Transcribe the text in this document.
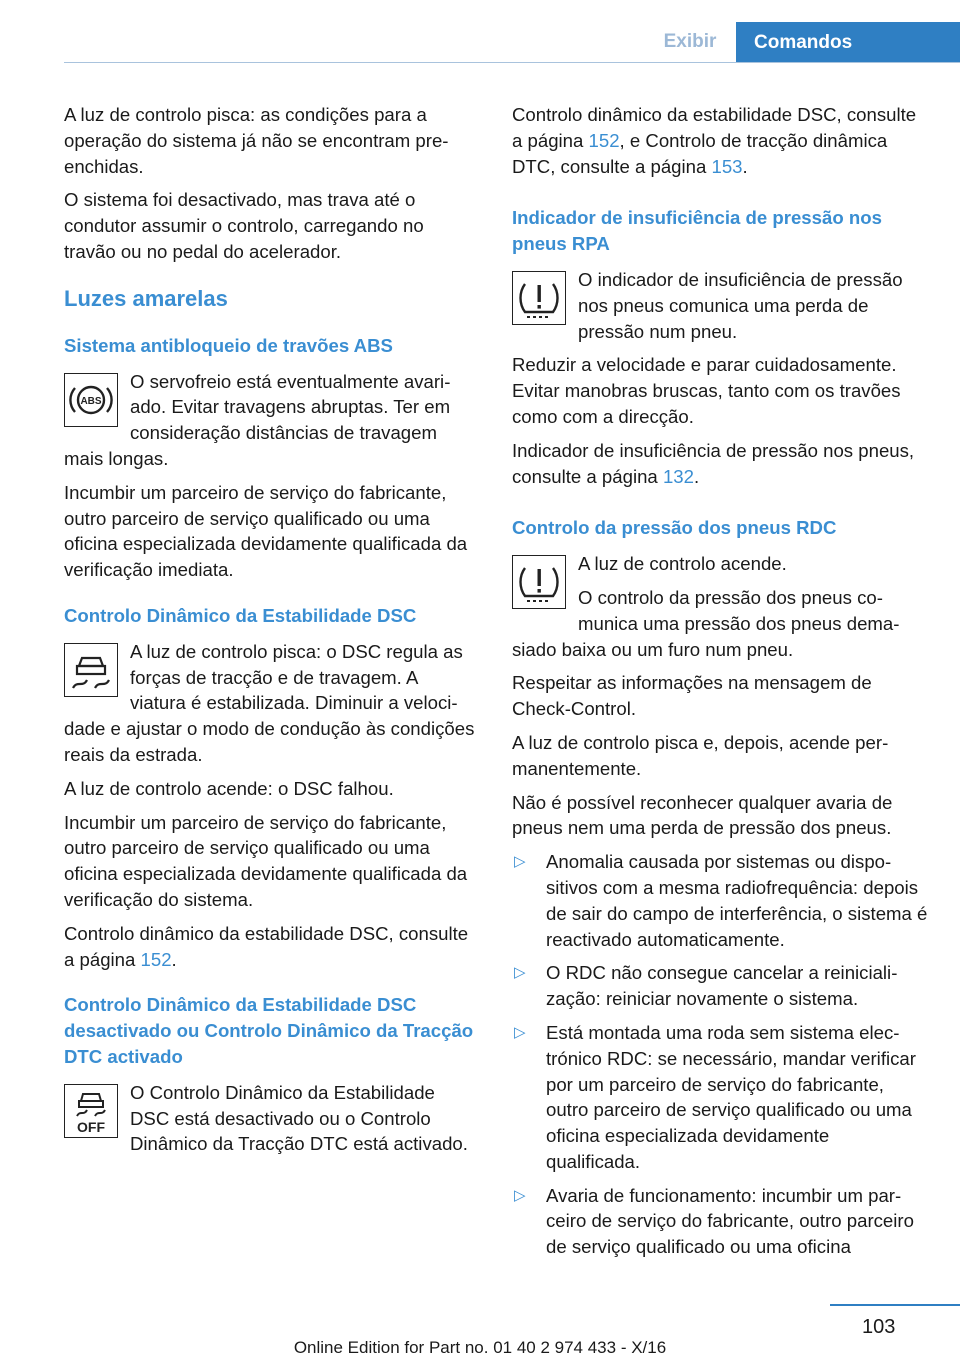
Exibir	Comandos

A luz de controlo pisca: as condições para a operação do sistema já não se encontram preenchidas.

O sistema foi desactivado, mas trava até o condutor assumir o controlo, carregando no travão ou no pedal do acelerador.

Luzes amarelas
Sistema antibloqueio de travões ABS
ABS

O servofreio está eventualmente avariado. Evitar travagens abruptas. Ter em consideração distâncias de travagem mais longas.

Incumbir um parceiro de serviço do fabricante, outro parceiro de serviço qualificado ou uma oficina especializada devidamente qualificada da verificação imediata.

Controlo Dinâmico da Estabilidade DSC

A luz de controlo pisca: o DSC regula as forças de tracção e de travagem. A viatura é estabilizada. Diminuir a velocidade e ajustar o modo de condução às condições reais da estrada.

A luz de controlo acende: o DSC falhou.

Incumbir um parceiro de serviço do fabricante, outro parceiro de serviço qualificado ou uma oficina especializada devidamente qualificada da verificação do sistema.

Controlo dinâmico da estabilidade DSC, consulte a página 152.

Controlo Dinâmico da Estabilidade DSC desactivado ou Controlo Dinâmico da Tracção DTC activado
OFF

O Controlo Dinâmico da Estabilidade DSC está desactivado ou o Controlo Dinâmico da Tracção DTC está activado.

Controlo dinâmico da estabilidade DSC, consulte a página 152, e Controlo de tracção dinâmica DTC, consulte a página 153.

Indicador de insuficiência de pressão nos pneus RPA

O indicador de insuficiência de pressão nos pneus comunica uma perda de pressão num pneu.

Reduzir a velocidade e parar cuidadosamente. Evitar manobras bruscas, tanto com os travões como com a direcção.

Indicador de insuficiência de pressão nos pneus, consulte a página 132.

Controlo da pressão dos pneus RDC

A luz de controlo acende.

O controlo da pressão dos pneus comunica uma pressão dos pneus demasiado baixa ou um furo num pneu.

Respeitar as informações na mensagem de Check-Control.

A luz de controlo pisca e, depois, acende permanentemente.

Não é possível reconhecer qualquer avaria de pneus nem uma perda de pressão dos pneus.

▷ Anomalia causada por sistemas ou dispositivos com a mesma radiofrequência: depois de sair do campo de interferência, o sistema é reactivado automaticamente.
▷ O RDC não consegue cancelar a reinicialização: reiniciar novamente o sistema.
▷ Está montada uma roda sem sistema electrónico RDC: se necessário, mandar verificar por um parceiro de serviço do fabricante, outro parceiro de serviço qualificado ou uma oficina especializada devidamente qualificada.
▷ Avaria de funcionamento: incumbir um parceiro de serviço do fabricante, outro parceiro de serviço qualificado ou uma oficina
103
Online Edition for Part no. 01 40 2 974 433 - X/16
